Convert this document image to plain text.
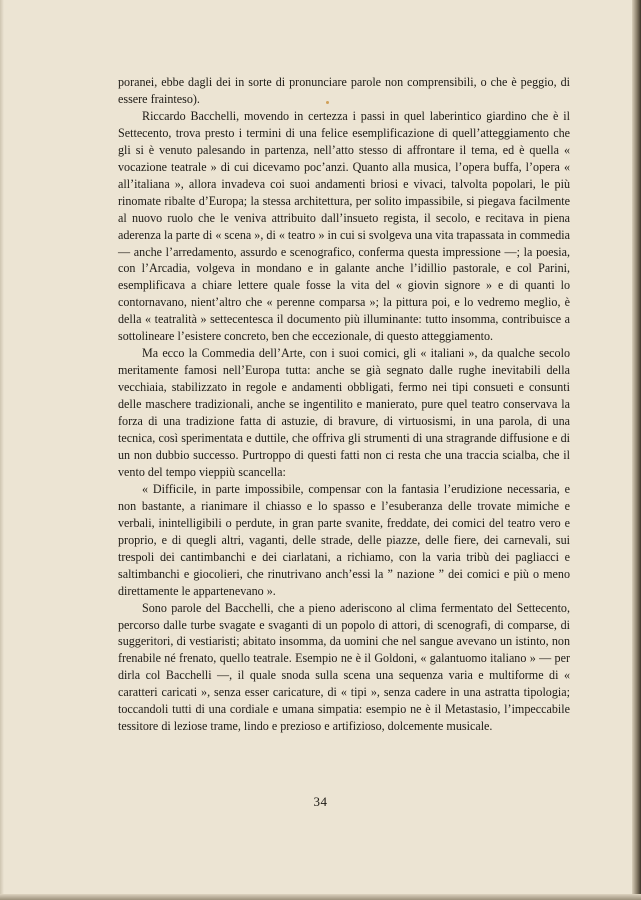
poranei, ebbe dagli dei in sorte di pronunciare parole non comprensibili, o che è peggio, di essere frainteso).

Riccardo Bacchelli, movendo in certezza i passi in quel laberintico giardino che è il Settecento, trova presto i termini di una felice esemplificazione di quell’atteggiamento che gli si è venuto palesando in partenza, nell’atto stesso di affrontare il tema, ed è quella « vocazione teatrale » di cui dicevamo poc’anzi. Quanto alla musica, l’opera buffa, l’opera « all’italiana », allora invadeva coi suoi andamenti briosi e vivaci, talvolta popolari, le più rinomate ribalte d’Europa; la stessa architettura, per solito impassibile, si piegava facilmente al nuovo ruolo che le veniva attribuito dall’insueto regista, il secolo, e recitava in piena aderenza la parte di « scena », di « teatro » in cui si svolgeva una vita trapassata in commedia — anche l’arredamento, assurdo e scenografico, conferma questa impressione —; la poesia, con l’Arcadia, volgeva in mondano e in galante anche l’idillio pastorale, e col Parini, esemplificava a chiare lettere quale fosse la vita del « giovin signore » e di quanti lo contornavano, nient’altro che « perenne comparsa »; la pittura poi, e lo vedremo meglio, è della « teatralità » settecentesca il documento più illuminante: tutto insomma, contribuisce a sottolineare l’esistere concreto, ben che eccezionale, di questo atteggiamento.

Ma ecco la Commedia dell’Arte, con i suoi comici, gli « italiani », da qualche secolo meritamente famosi nell’Europa tutta: anche se già segnato dalle rughe inevitabili della vecchiaia, stabilizzato in regole e andamenti obbligati, fermo nei tipi consueti e consunti delle maschere tradizionali, anche se ingentilito e manierato, pure quel teatro conservava la forza di una tradizione fatta di astuzie, di bravure, di virtuosismi, in una parola, di una tecnica, così sperimentata e duttile, che offriva gli strumenti di una stragrande diffusione e di un non dubbio successo. Purtroppo di questi fatti non ci resta che una traccia scialba, che il vento del tempo vieppiù scancella:

« Difficile, in parte impossibile, compensar con la fantasia l’erudizione necessaria, e non bastante, a rianimare il chiasso e lo spasso e l’esuberanza delle trovate mimiche e verbali, inintelligibili o perdute, in gran parte svanite, freddate, dei comici del teatro vero e proprio, e di quegli altri, vaganti, delle strade, delle piazze, delle fiere, dei carnevali, sui trespoli dei cantimbanchi e dei ciarlatani, a richiamo, con la varia tribù dei pagliacci e saltimbanchi e giocolieri, che rinutrivano anch’essi la ” nazione ” dei comici e più o meno direttamente le appartenevano ».

Sono parole del Bacchelli, che a pieno aderiscono al clima fermentato del Settecento, percorso dalle turbe svagate e svaganti di un popolo di attori, di scenografi, di comparse, di suggeritori, di vestiaristi; abitato insomma, da uomini che nel sangue avevano un istinto, non frenabile né frenato, quello teatrale. Esempio ne è il Goldoni, « galantuomo italiano » — per dirla col Bacchelli —, il quale snoda sulla scena una sequenza varia e multiforme di « caratteri caricati », senza esser caricature, di « tipi », senza cadere in una astratta tipologia; toccandoli tutti di una cordiale e umana simpatia: esempio ne è il Metastasio, l’impeccabile tessitore di leziose trame, lindo e prezioso e artifizioso, dolcemente musicale.

34
